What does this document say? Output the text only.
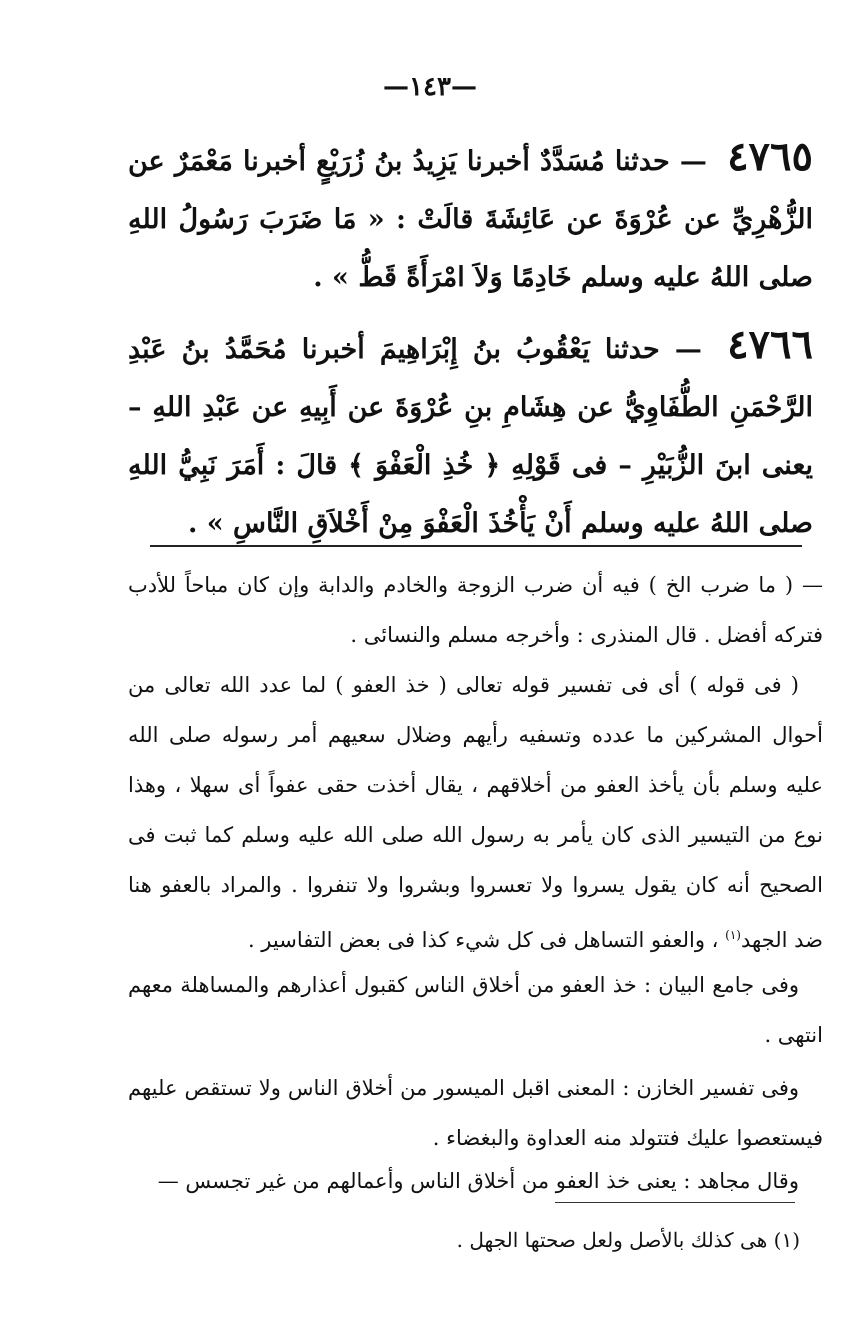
—١٤٣—
٤٧٦٥ — حدثنا مُسَدَّدٌ أخبرنا يَزِيدُ بنُ زُرَيْعٍ أخبرنا مَعْمَرٌ عن الزُّهْرِيِّ عن عُرْوَةَ عن عَائِشَةَ قالَتْ : « مَا ضَرَبَ رَسُولُ اللهِ صلى اللهُ عليه وسلم خَادِمًا وَلاَ امْرَأَةً قَطُّ » .
٤٧٦٦ — حدثنا يَعْقُوبُ بنُ إِبْرَاهِيمَ أخبرنا مُحَمَّدُ بنُ عَبْدِ الرَّحْمَنِ الطُّفَاوِيُّ عن هِشَامِ بنِ عُرْوَةَ عن أَبِيهِ عن عَبْدِ اللهِ – يعنى ابنَ الزُّبَيْرِ – فى قَوْلِهِ ﴿ خُذِ الْعَفْوَ ﴾ قالَ : أَمَرَ نَبِيُّ اللهِ صلى اللهُ عليه وسلم أَنْ يَأْخُذَ الْعَفْوَ مِنْ أَخْلاَقِ النَّاسِ » .

— ( ما ضرب الخ ) فيه أن ضرب الزوجة والخادم والدابة وإن كان مباحاً للأدب فتركه أفضل . قال المنذرى : وأخرجه مسلم والنسائى .

( فى قوله ) أى فى تفسير قوله تعالى ( خذ العفو ) لما عدد الله تعالى من أحوال المشركين ما عدده وتسفيه رأيهم وضلال سعيهم أمر رسوله صلى الله عليه وسلم بأن يأخذ العفو من أخلاقهم ، يقال أخذت حقى عفواً أى سهلا ، وهذا نوع من التيسير الذى كان يأمر به رسول الله صلى الله عليه وسلم كما ثبت فى الصحيح أنه كان يقول يسروا ولا تعسروا وبشروا ولا تنفروا . والمراد بالعفو هنا ضد الجهد$^{(١)}$ ، والعفو التساهل فى كل شيء كذا فى بعض التفاسير .

وفى جامع البيان : خذ العفو من أخلاق الناس كقبول أعذارهم والمساهلة معهم انتهى .

وفى تفسير الخازن : المعنى اقبل الميسور من أخلاق الناس ولا تستقص عليهم فيستعصوا عليك فتتولد منه العداوة والبغضاء .

وقال مجاهد : يعنى خذ العفو من أخلاق الناس وأعمالهم من غير تجسس —

(١) هى كذلك بالأصل ولعل صحتها الجهل .
